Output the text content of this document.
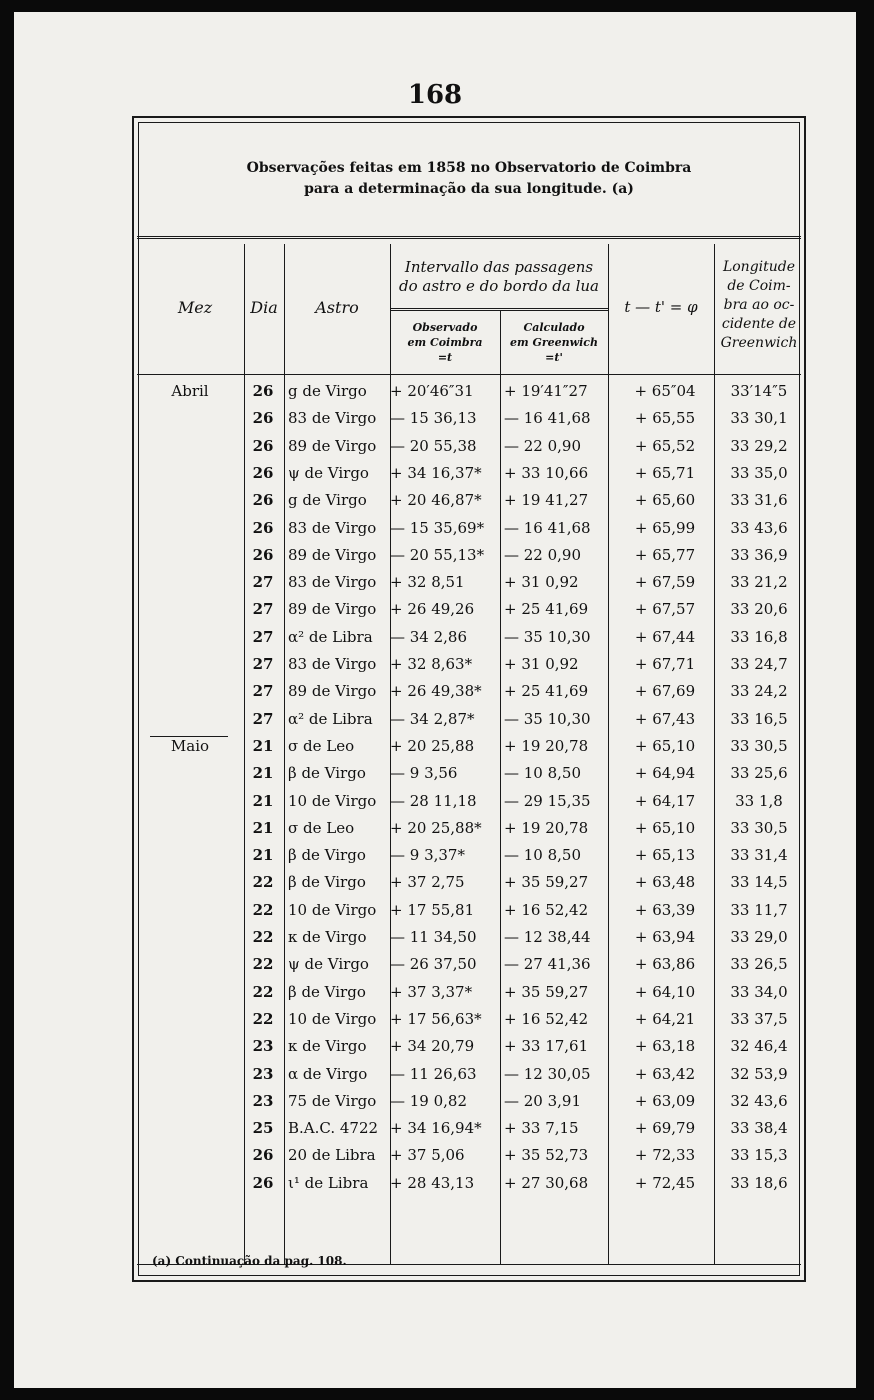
168
Observações feitas em 1858 no Observatorio de Coimbra
para a determinação da sua longitude. (a)
Mez	Dia	Astro
Intervallo das passagens
do astro e do bordo da lua
Observado
em Coimbra
=t
Calculado
em Greenwich
=t'
t — t' = φ
Longitude
de Coim-
bra ao oc-
cidente de
Greenwich
Abril	26 g de Virgo	+ 20′46″31	+ 19′41″27	+ 65″04	33′14″5
26 83 de Virgo — 15 36,13	— 16 41,68	+ 65,55	33 30,1
26 89 de Virgo — 20 55,38	— 22 0,90	+ 65,52	33 29,2
26 ψ de Virgo	+ 34 16,37*	+ 33 10,66	+ 65,71	33 35,0
26 g de Virgo	+ 20 46,87*	+ 19 41,27	+ 65,60	33 31,6
26 83 de Virgo — 15 35,69*	— 16 41,68	+ 65,99	33 43,6
26 89 de Virgo — 20 55,13*	— 22 0,90	+ 65,77	33 36,9
27 83 de Virgo + 32 8,51	+ 31 0,92	+ 67,59	33 21,2
27 89 de Virgo + 26 49,26	+ 25 41,69	+ 67,57	33 20,6
27 α² de Libra	— 34 2,86	— 35 10,30	+ 67,44	33 16,8
27 83 de Virgo + 32 8,63*	+ 31 0,92	+ 67,71	33 24,7
27 89 de Virgo + 26 49,38*	+ 25 41,69	+ 67,69	33 24,2
27 α² de Libra	— 34 2,87*	— 35 10,30	+ 67,43	33 16,5
Maio	21 σ de Leo	+ 20 25,88	+ 19 20,78	+ 65,10	33 30,5
21 β de Virgo	— 9 3,56	— 10 8,50	+ 64,94	33 25,6
21 10 de Virgo — 28 11,18	— 29 15,35	+ 64,17	33 1,8
21 σ de Leo	+ 20 25,88*	+ 19 20,78	+ 65,10	33 30,5
21 β de Virgo	— 9 3,37*	— 10 8,50	+ 65,13	33 31,4
22 β de Virgo	+ 37 2,75	+ 35 59,27	+ 63,48	33 14,5
22 10 de Virgo + 17 55,81	+ 16 52,42	+ 63,39	33 11,7
22 κ de Virgo	— 11 34,50	— 12 38,44	+ 63,94	33 29,0
22 ψ de Virgo	— 26 37,50	— 27 41,36	+ 63,86	33 26,5
22 β de Virgo	+ 37 3,37*	+ 35 59,27	+ 64,10	33 34,0
22 10 de Virgo + 17 56,63*	+ 16 52,42	+ 64,21	33 37,5
23 κ de Virgo	+ 34 20,79	+ 33 17,61	+ 63,18	32 46,4
23 α de Virgo	— 11 26,63	— 12 30,05	+ 63,42	32 53,9
23 75 de Virgo — 19 0,82	— 20 3,91	+ 63,09	32 43,6
25 B.A.C. 4722 + 34 16,94*	+ 33 7,15	+ 69,79	33 38,4
26 20 de Libra + 37 5,06	+ 35 52,73	+ 72,33	33 15,3
26 ι¹ de Libra	+ 28 43,13	+ 27 30,68	+ 72,45	33 18,6
(a) Continuação da pag. 108.
